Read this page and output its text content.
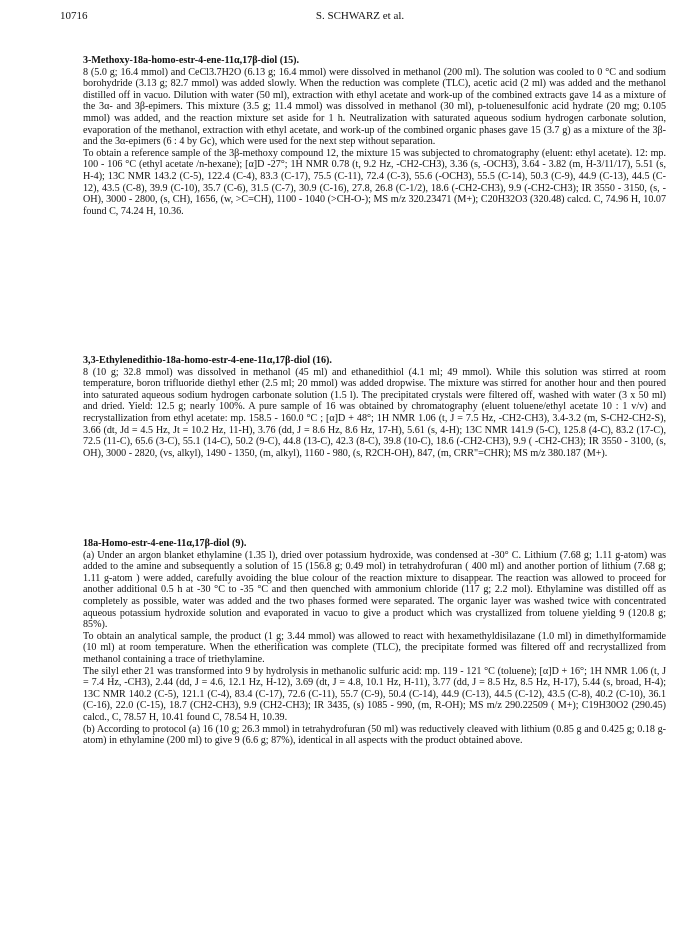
10716	S. SCHWARZ et al.
3-Methoxy-18a-homo-estr-4-ene-11α,17β-diol (15).

8 (5.0 g; 16.4 mmol) and CeCl3.7H2O (6.13 g; 16.4 mmol) were dissolved in methanol (200 ml). The solution was cooled to 0 °C and sodium borohydride (3.13 g; 82.7 mmol) was added slowly. When the reduction was complete (TLC), acetic acid (2 ml) was added and the methanol distilled off in vacuo. Dilution with water (50 ml), extraction with ethyl acetate and work-up of the combined extracts gave 14 as a mixture of the 3α- and 3β-epimers. This mixture (3.5 g; 11.4 mmol) was dissolved in methanol (30 ml), p-toluenesulfonic acid hydrate (20 mg; 0.105 mmol) was added, and the reaction mixture set aside for 1 h. Neutralization with saturated aqueous sodium hydrogen carbonate solution, evaporation of the methanol, extraction with ethyl acetate, and work-up of the combined organic phases gave 15 (3.7 g) as a mixture of the 3β- and the 3α-epimers (6 : 4 by Gc), which were used for the next step without separation.

To obtain a reference sample of the 3β-methoxy compound 12, the mixture 15 was subjected to chromatography (eluent: ethyl acetate). 12: mp. 100 - 106 °C (ethyl acetate /n-hexane); [α]D -27°; 1H NMR 0.78 (t, 9.2 Hz, -CH2-CH3), 3.36 (s, -OCH3), 3.64 - 3.82 (m, H-3/11/17), 5.51 (s, H-4); 13C NMR 143.2 (C-5), 122.4 (C-4), 83.3 (C-17), 75.5 (C-11), 72.4 (C-3), 55.6 (-OCH3), 55.5 (C-14), 50.3 (C-9), 44.9 (C-13), 44.5 (C-12), 43.5 (C-8), 39.9 (C-10), 35.7 (C-6), 31.5 (C-7), 30.9 (C-16), 27.8, 26.8 (C-1/2), 18.6 (-CH2-CH3), 9.9 (-CH2-CH3); IR 3550 - 3150, (s, -OH), 3000 - 2800, (s, CH), 1656, (w, >C=CH), 1100 - 1040 (>CH-O-); MS m/z 320.23471 (M+); C20H32O3 (320.48) calcd. C, 74.96 H, 10.07 found C, 74.24 H, 10.36.

3,3-Ethylenedithio-18a-homo-estr-4-ene-11α,17β-diol (16).

8 (10 g; 32.8 mmol) was dissolved in methanol (45 ml) and ethanedithiol (4.1 ml; 49 mmol). While this solution was stirred at room temperature, boron trifluoride diethyl ether (2.5 ml; 20 mmol) was added dropwise. The mixture was stirred for another hour and then poured into saturated aqueous sodium hydrogen carbonate solution (1.5 l). The precipitated crystals were filtered off, washed with water (3 x 50 ml) and dried. Yield: 12.5 g; nearly 100%. A pure sample of 16 was obtained by chromatography (eluent toluene/ethyl acetate 10 : 1 v/v) and recrystallization from ethyl acetate: mp. 158.5 - 160.0 °C ; [α]D + 48°; 1H NMR 1.06 (t, J = 7.5 Hz, -CH2-CH3), 3.4-3.2 (m, S-CH2-CH2-S), 3.66 (dt, Jd = 4.5 Hz, Jt = 10.2 Hz, 11-H), 3.76 (dd, J = 8.6 Hz, 8.6 Hz, 17-H), 5.61 (s, 4-H); 13C NMR 141.9 (5-C), 125.8 (4-C), 83.2 (17-C), 72.5 (11-C), 65.6 (3-C), 55.1 (14-C), 50.2 (9-C), 44.8 (13-C), 42.3 (8-C), 39.8 (10-C), 18.6 (-CH2-CH3), 9.9 ( -CH2-CH3); IR 3550 - 3100, (s, OH), 3000 - 2820, (vs, alkyl), 1490 - 1350, (m, alkyl), 1160 - 980, (s, R2CH-OH), 847, (m, CRR"=CHR); MS m/z 380.187 (M+).

18a-Homo-estr-4-ene-11α,17β-diol (9).

(a) Under an argon blanket ethylamine (1.35 l), dried over potassium hydroxide, was condensed at -30° C. Lithium (7.68 g; 1.11 g-atom) was added to the amine and subsequently a solution of 15 (156.8 g; 0.49 mol) in tetrahydrofuran ( 400 ml) and another portion of lithium (7.68 g; 1.11 g-atom ) were added, carefully avoiding the blue colour of the reaction mixture to disappear. The reaction was allowed to proceed for another additional 0.5 h at -30 °C to -35 °C and then quenched with ammonium chloride (117 g; 2.2 mol). Ethylamine was distilled off as completely as possible, water was added and the two phases formed were separated. The organic layer was washed twice with concentrated aqueous potassium hydroxide solution and evaporated in vacuo to give a product which was crystallized from toluene yielding 9 (120.8 g; 85%).

To obtain an analytical sample, the product (1 g; 3.44 mmol) was allowed to react with hexamethyldisilazane (1.0 ml) in dimethylformamide (10 ml) at room temperature. When the etherification was complete (TLC), the precipitate formed was filtered off and recrystallized from methanol containing a trace of triethylamine.

The silyl ether 21 was transformed into 9 by hydrolysis in methanolic sulfuric acid: mp. 119 - 121 °C (toluene); [α]D + 16°; 1H NMR 1.06 (t, J = 7.4 Hz, -CH3), 2.44 (dd, J = 4.6, 12.1 Hz, H-12), 3.69 (dt, J = 4.8, 10.1 Hz, H-11), 3.77 (dd, J = 8.5 Hz, 8.5 Hz, H-17), 5.44 (s, broad, H-4); 13C NMR 140.2 (C-5), 121.1 (C-4), 83.4 (C-17), 72.6 (C-11), 55.7 (C-9), 50.4 (C-14), 44.9 (C-13), 44.5 (C-12), 43.5 (C-8), 40.2 (C-10), 36.1 (C-16), 22.0 (C-15), 18.7 (CH2-CH3), 9.9 (CH2-CH3); IR 3435, (s) 1085 - 990, (m, R-OH); MS m/z 290.22509 ( M+); C19H30O2 (290.45) calcd., C, 78.57 H, 10.41 found C, 78.54 H, 10.39.

(b) According to protocol (a) 16 (10 g; 26.3 mmol) in tetrahydrofuran (50 ml) was reductively cleaved with lithium (0.85 g and 0.425 g; 0.18 g-atom) in ethylamine (200 ml) to give 9 (6.6 g; 87%), identical in all aspects with the product obtained above.
